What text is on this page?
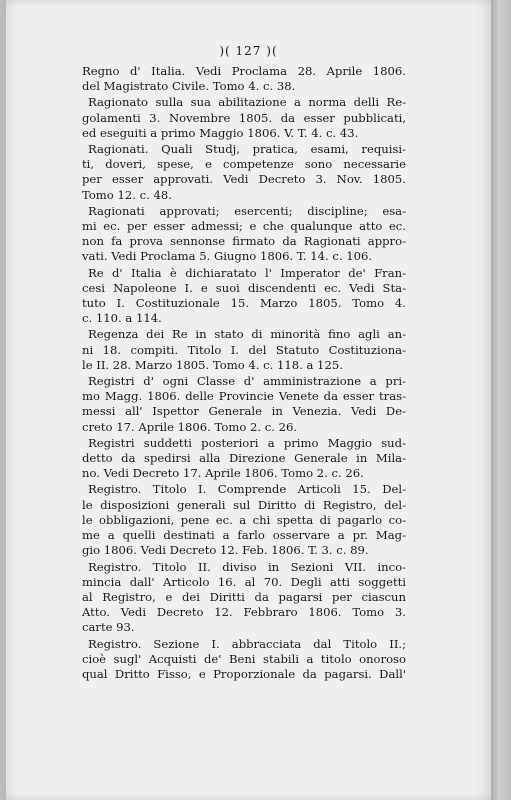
)( 127 )(
Regno d' Italia. Vedi Proclama 28. Aprile 1806.
del Magistrato Civile. Tomo 4. c. 38.
Ragionato sulla sua abilitazione a norma delli Re-
golamenti 3. Novembre 1805. da esser pubblicati,
ed eseguiti a primo Maggio 1806. V. T. 4. c. 43.
Ragionati. Quali Studj, pratica, esami, requisi-
ti, doveri, spese, e competenze sono necessarie
per esser approvati. Vedi Decreto 3. Nov. 1805.
Tomo 12. c. 48.
Ragionati approvati; esercenti; discipline; esa-
mi ec. per esser admessi; e che qualunque atto ec.
non fa prova sennonse firmato da Ragionati appro-
vati. Vedi Proclama 5. Giugno 1806. T. 14. c. 106.
Re d' Italia è dichiaratato l' Imperator de' Fran-
cesi Napoleone I. e suoi discendenti ec. Vedi Sta-
tuto I. Costituzionale 15. Marzo 1805. Tomo 4.
c. 110. a 114.
Regenza dei Re in stato di minorità fino agli an-
ni 18. compiti. Titolo I. del Statuto Costituziona-
le II. 28. Marzo 1805. Tomo 4. c. 118. a 125.
Registri d' ogni Classe d' amministrazione a pri-
mo Magg. 1806. delle Provincie Venete da esser tras-
messi all' Ispettor Generale in Venezia. Vedi De-
creto 17. Aprile 1806. Tomo 2. c. 26.
Registri suddetti posteriori a primo Maggio sud-
detto da spedirsi alla Direzione Generale in Mila-
no. Vedi Decreto 17. Aprile 1806. Tomo 2. c. 26.
Registro. Titolo I. Comprende Articoli 15. Del-
le disposizioni generali sul Diritto di Registro, del-
le obbligazioni, pene ec. a chi spetta di pagarlo co-
me a quelli destinati a farlo osservare a pr. Mag-
gio 1806. Vedi Decreto 12. Feb. 1806. T. 3. c. 89.
Registro. Titolo II. diviso in Sezioni VII. inco-
mincia dall' Articolo 16. al 70. Degli atti soggetti
al Registro, e dei Diritti da pagarsi per ciascun
Atto. Vedi Decreto 12. Febbraro 1806. Tomo 3.
carte 93.
Registro. Sezione I. abbracciata dal Titolo II.;
cioè sugl' Acquisti de' Beni stabili a titolo onoroso
qual Dritto Fisso, e Proporzionale da pagarsi. Dall'
